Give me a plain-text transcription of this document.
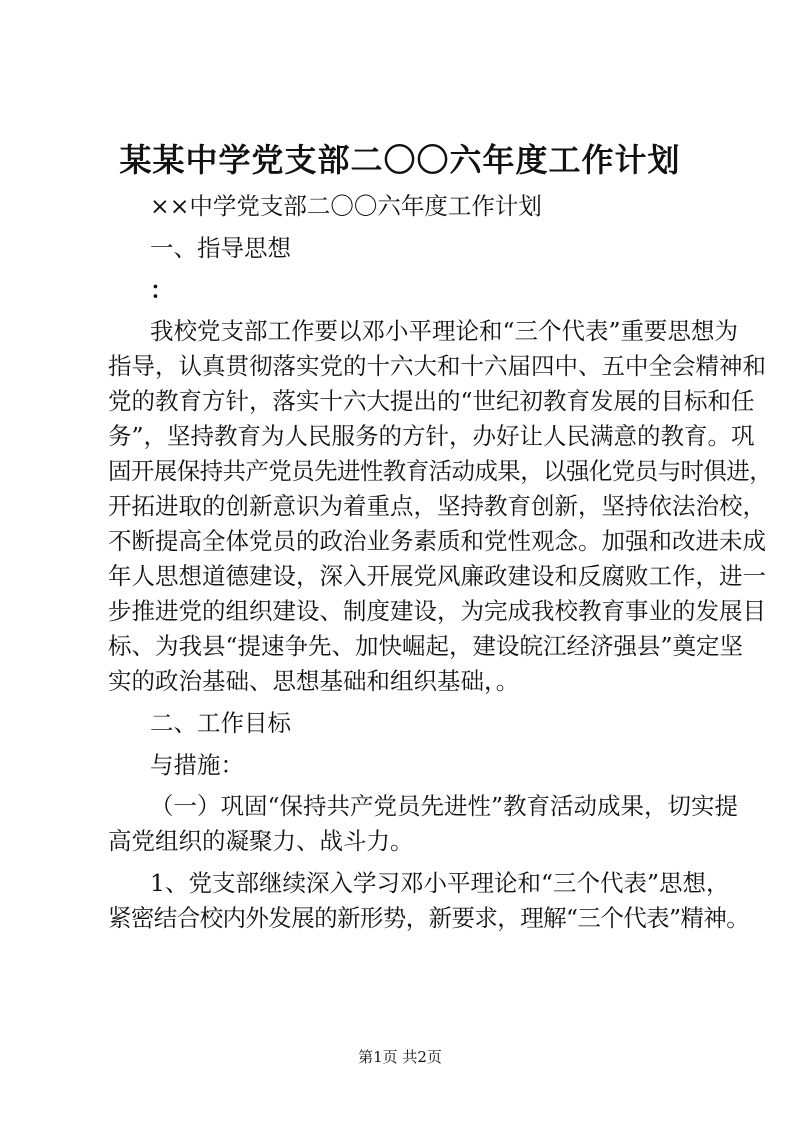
某某中学党支部二〇〇六年度工作计划
××中学党支部二〇〇六年度工作计划
一、指导思想
：
我校党支部工作要以邓小平理论和“三个代表”重要思想为
指导，认真贯彻落实党的十六大和十六届四中、五中全会精神和
党的教育方针，落实十六大提出的“世纪初教育发展的目标和任
务”，坚持教育为人民服务的方针，办好让人民满意的教育。巩
固开展保持共产党员先进性教育活动成果，以强化党员与时俱进，
开拓进取的创新意识为着重点，坚持教育创新，坚持依法治校，
不断提高全体党员的政治业务素质和党性观念。加强和改进未成
年人思想道德建设，深入开展党风廉政建设和反腐败工作，进一
步推进党的组织建设、制度建设，为完成我校教育事业的发展目
标、为我县“提速争先、加快崛起，建设皖江经济强县”奠定坚
实的政治基础、思想基础和组织基础，。
二、工作目标
与措施：
（一）巩固“保持共产党员先进性”教育活动成果，切实提
高党组织的凝聚力、战斗力。
1、党支部继续深入学习邓小平理论和“三个代表”思想，
紧密结合校内外发展的新形势，新要求，理解“三个代表”精神。
第1页 共2页
